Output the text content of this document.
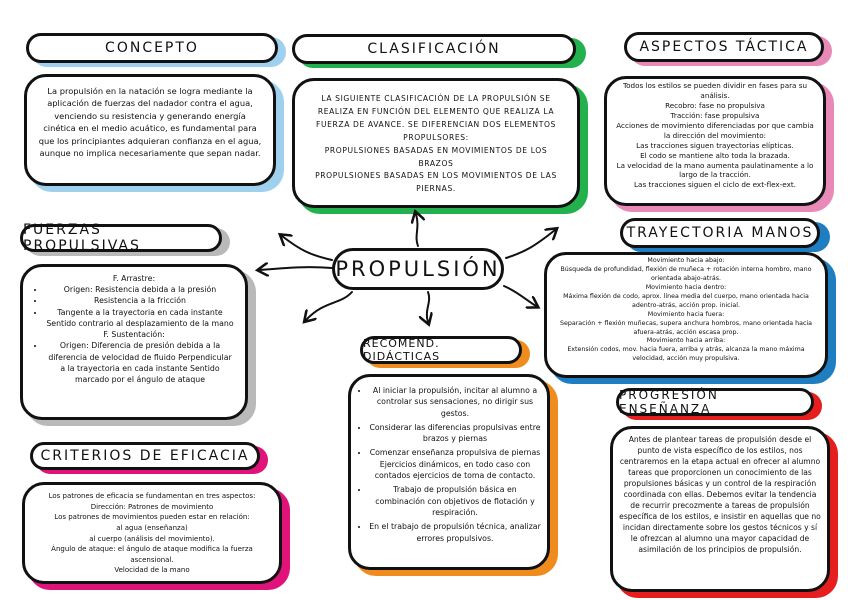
CONCEPTO
La propulsión en la natación se logra mediante la aplicación de fuerzas del nadador contra el agua, venciendo su resistencia y generando energía cinética en el medio acuático, es fundamental para que los principiantes adquieran confianza en el agua, aunque no implica necesariamente que sepan nadar.
CLASIFICACIÓN

LA SIGUIENTE CLASIFICACIÓN DE LA PROPULSIÓN SE REALIZA EN FUNCIÓN DEL ELEMENTO QUE REALIZA LA FUERZA DE AVANCE. SE DIFERENCIAN DOS ELEMENTOS PROPULSORES:

PROPULSIONES BASADAS EN MOVIMIENTOS DE LOS BRAZOS

PROPULSIONES BASADAS EN LOS MOVIMIENTOS DE LAS PIERNAS.

ASPECTOS TÁCTICA

Todos los estilos se pueden dividir en fases para su análisis.

Recobro: fase no propulsiva

Tracción: fase propulsiva

Acciones de movimiento diferenciadas por que cambia la dirección del movimiento:

Las tracciones siguen trayectorias elípticas.

El codo se mantiene alto toda la brazada.

La velocidad de la mano aumenta paulatinamente a lo largo de la tracción.

Las tracciones siguen el ciclo de ext-flex-ext.

TRAYECTORIA MANOS

Movimiento hacia abajo:

Búsqueda de profundidad, flexión de muñeca + rotación interna hombro, mano orientada abajo-atrás.

Movimiento hacia dentro:

Máxima flexión de codo, aprox. línea media del cuerpo, mano orientada hacia adentro-atrás, acción prop. inicial.

Movimiento hacia fuera:

Separación + flexión muñecas, supera anchura hombros, mano orientada hacia afuera-atrás, acción escasa prop.

Movimiento hacia arriba:

Extensión codos, mov. hacia fuera, arriba y atrás, alcanza la mano máxima velocidad, acción muy propulsiva.

FUERZAS PROPULSIVAS

F. Arrastre:

• Origen: Resistencia debida a la presión
• Resistencia a la fricción
• Tangente a la trayectoria en cada instante Sentido contrario al desplazamiento de la mano

F. Sustentación:

• Origen: Diferencia de presión debida a la diferencia de velocidad de fluido Perpendicular a la trayectoria en cada instante Sentido marcado por el ángulo de ataque
RECOMEND. DIDÁCTICAS
• Al iniciar la propulsión, incitar al alumno a controlar sus sensaciones, no dirigir sus gestos.
• Considerar las diferencias propulsivas entre brazos y piernas
• Comenzar enseñanza propulsiva de piernas Ejercicios dinámicos, en todo caso con contados ejercicios de toma de contacto.
• Trabajo de propulsión básica en combinación con objetivos de flotación y respiración.
• En el trabajo de propulsión técnica, analizar errores propulsivos.
CRITERIOS DE EFICACIA

Los patrones de eficacia se fundamentan en tres aspectos:

Dirección: Patrones de movimiento

Los patrones de movimientos pueden estar en relación:

al agua (enseñanza)

al cuerpo (análisis del movimiento).

Ángulo de ataque: el ángulo de ataque modifica la fuerza ascensional.

Velocidad de la mano

PROGRESIÓN ENSEÑANZA
Antes de plantear tareas de propulsión desde el punto de vista específico de los estilos, nos centraremos en la etapa actual en ofrecer al alumno tareas que proporcionen un conocimiento de las propulsiones básicas y un control de la respiración coordinada con ellas. Debemos evitar la tendencia de recurrir precozmente a tareas de propulsión específica de los estilos, e insistir en aquellas que no incidan directamente sobre los gestos técnicos y sí le ofrezcan al alumno una mayor capacidad de asimilación de los principios de propulsión.
PROPULSIÓN
